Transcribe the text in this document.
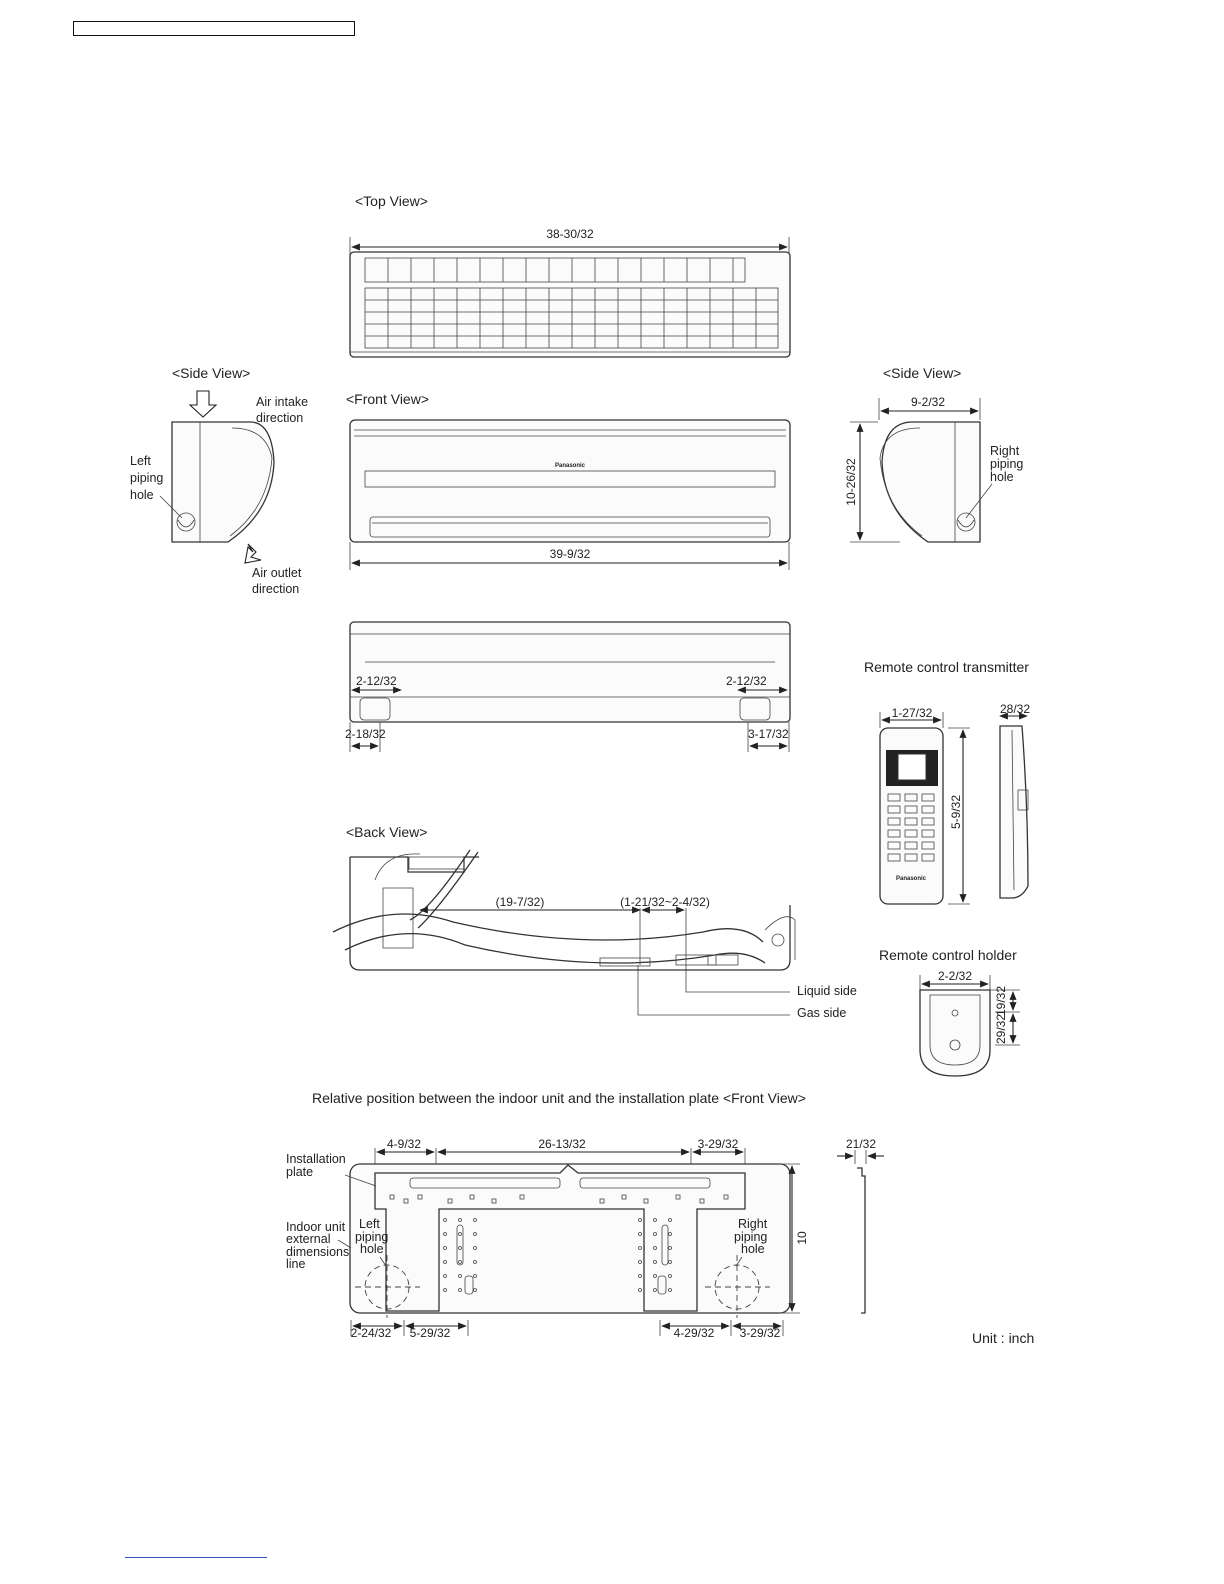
<Top View>
38-30/32
<Side View>
Air intake direction
Left piping hole
Air outlet direction
<Front View>
Panasonic
39-9/32
<Side View>
9-2/32
10-26/32
Right piping hole
2-12/32	2-12/32
2-18/32	3-17/32
Remote control transmitter
1-27/32
Panasonic
5-9/32
28/32
Remote control holder
2-2/32
19/32
29/32
<Back View>
(19-7/32)	(1-21/32~2-4/32)
Liquid side
Gas side
Relative position between the indoor unit and the installation plate <Front View>
4-9/32	26-13/32	3-29/32
Installation plate
Indoor unit external dimensions line
Left piping hole
Right piping hole
10
2-24/32 5-29/32	4-29/32 3-29/32
21/32
Unit : inch
